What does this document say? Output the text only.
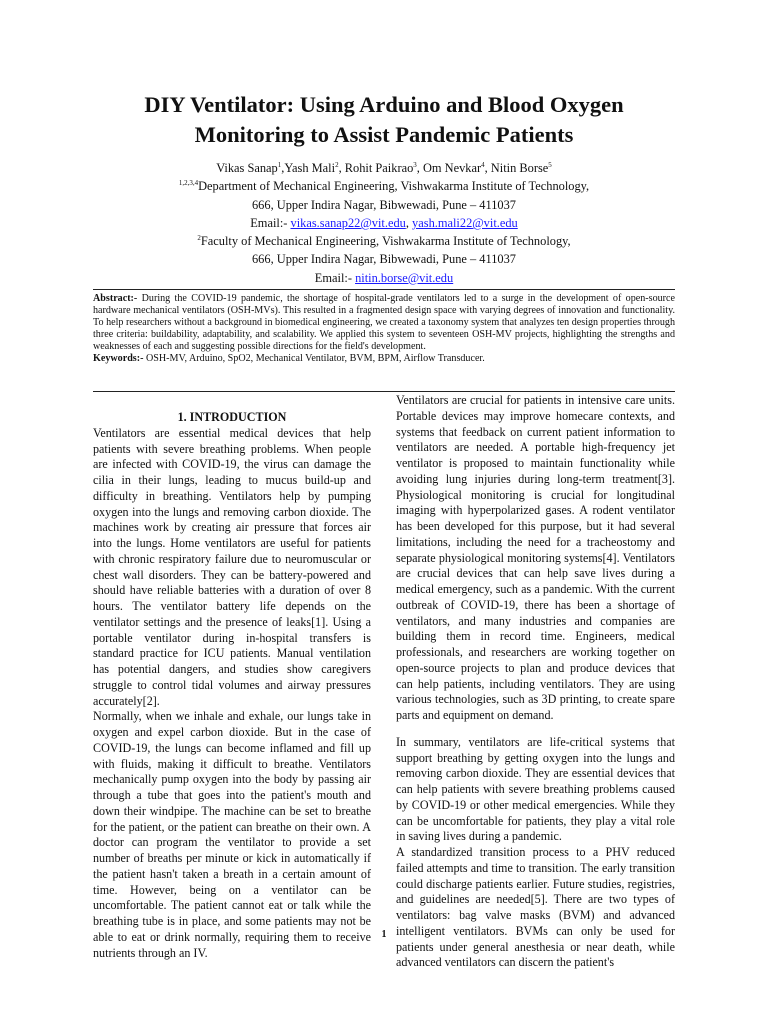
DIY Ventilator: Using Arduino and Blood Oxygen
Monitoring to Assist Pandemic Patients
Vikas Sanap$^1$,Yash Mali$^2$, Rohit Paikrao$^3$, Om Nevkar$^4$, Nitin Borse$^5$
$^{1,2,3,4}$Department of Mechanical Engineering, Vishwakarma Institute of Technology,
666, Upper Indira Nagar, Bibwewadi, Pune – 411037
Email:- vikas.sanap22@vit.edu, yash.mali22@vit.edu
$^2$Faculty of Mechanical Engineering, Vishwakarma Institute of Technology,
666, Upper Indira Nagar, Bibwewadi, Pune – 411037
Email:- nitin.borse@vit.edu

Abstract:- During the COVID-19 pandemic, the shortage of hospital-grade ventilators led to a surge in the development of open-source hardware mechanical ventilators (OSH-MVs). This resulted in a fragmented design space with varying degrees of innovation and functionality. To help researchers without a background in biomedical engineering, we created a taxonomy system that analyzes ten design properties through three criteria: buildability, adaptability, and scalability. We applied this system to seventeen OSH-MV projects, highlighting the strengths and weaknesses of each and suggesting possible directions for the field's development.

Keywords:- OSH-MV, Arduino, SpO2, Mechanical Ventilator, BVM, BPM, Airflow Transducer.

1. INTRODUCTION

Ventilators are essential medical devices that help patients with severe breathing problems. When people are infected with COVID-19, the virus can damage the cilia in their lungs, leading to mucus build-up and difficulty in breathing. Ventilators help by pumping oxygen into the lungs and removing carbon dioxide. The machines work by creating air pressure that forces air into the lungs. Home ventilators are useful for patients with chronic respiratory failure due to neuromuscular or chest wall disorders. They can be battery-powered and should have reliable batteries with a duration of over 8 hours. The ventilator battery life depends on the ventilator settings and the presence of leaks[1]. Using a portable ventilator during in-hospital transfers is standard practice for ICU patients. Manual ventilation has potential dangers, and studies show caregivers struggle to control tidal volumes and airway pressures accurately[2].

Normally, when we inhale and exhale, our lungs take in oxygen and expel carbon dioxide. But in the case of COVID-19, the lungs can become inflamed and fill up with fluids, making it difficult to breathe. Ventilators mechanically pump oxygen into the body by passing air through a tube that goes into the patient's mouth and down their windpipe. The machine can be set to breathe for the patient, or the patient can breathe on their own. A doctor can program the ventilator to provide a set number of breaths per minute or kick in automatically if the patient hasn't taken a breath in a certain amount of time. However, being on a ventilator can be uncomfortable. The patient cannot eat or talk while the breathing tube is in place, and some patients may not be able to eat or drink normally, requiring them to receive nutrients through an IV.

Ventilators are crucial for patients in intensive care units. Portable devices may improve homecare contexts, and systems that feedback on current patient information to ventilators are needed. A portable high-frequency jet ventilator is proposed to maintain functionality while avoiding lung injuries during long-term treatment[3]. Physiological monitoring is crucial for longitudinal imaging with hyperpolarized gases. A rodent ventilator has been developed for this purpose, but it had several limitations, including the need for a tracheostomy and separate physiological monitoring systems[4]. Ventilators are crucial devices that can help save lives during a medical emergency, such as a pandemic. With the current outbreak of COVID-19, there has been a shortage of ventilators, and many industries and companies are building them in record time. Engineers, medical professionals, and researchers are working together on open-source projects to plan and produce devices that can help patients, including ventilators. They are using various technologies, such as 3D printing, to create spare parts and equipment on demand.

In summary, ventilators are life-critical systems that support breathing by getting oxygen into the lungs and removing carbon dioxide. They are essential devices that can help patients with severe breathing problems caused by COVID-19 or other medical emergencies. While they can be uncomfortable for patients, they play a vital role in saving lives during a pandemic.

A standardized transition process to a PHV reduced failed attempts and time to transition. The early transition could discharge patients earlier. Future studies, registries, and guidelines are needed[5]. There are two types of ventilators: bag valve masks (BVM) and advanced intelligent ventilators. BVMs can only be used for patients under general anesthesia or near death, while advanced ventilators can discern the patient's

1
